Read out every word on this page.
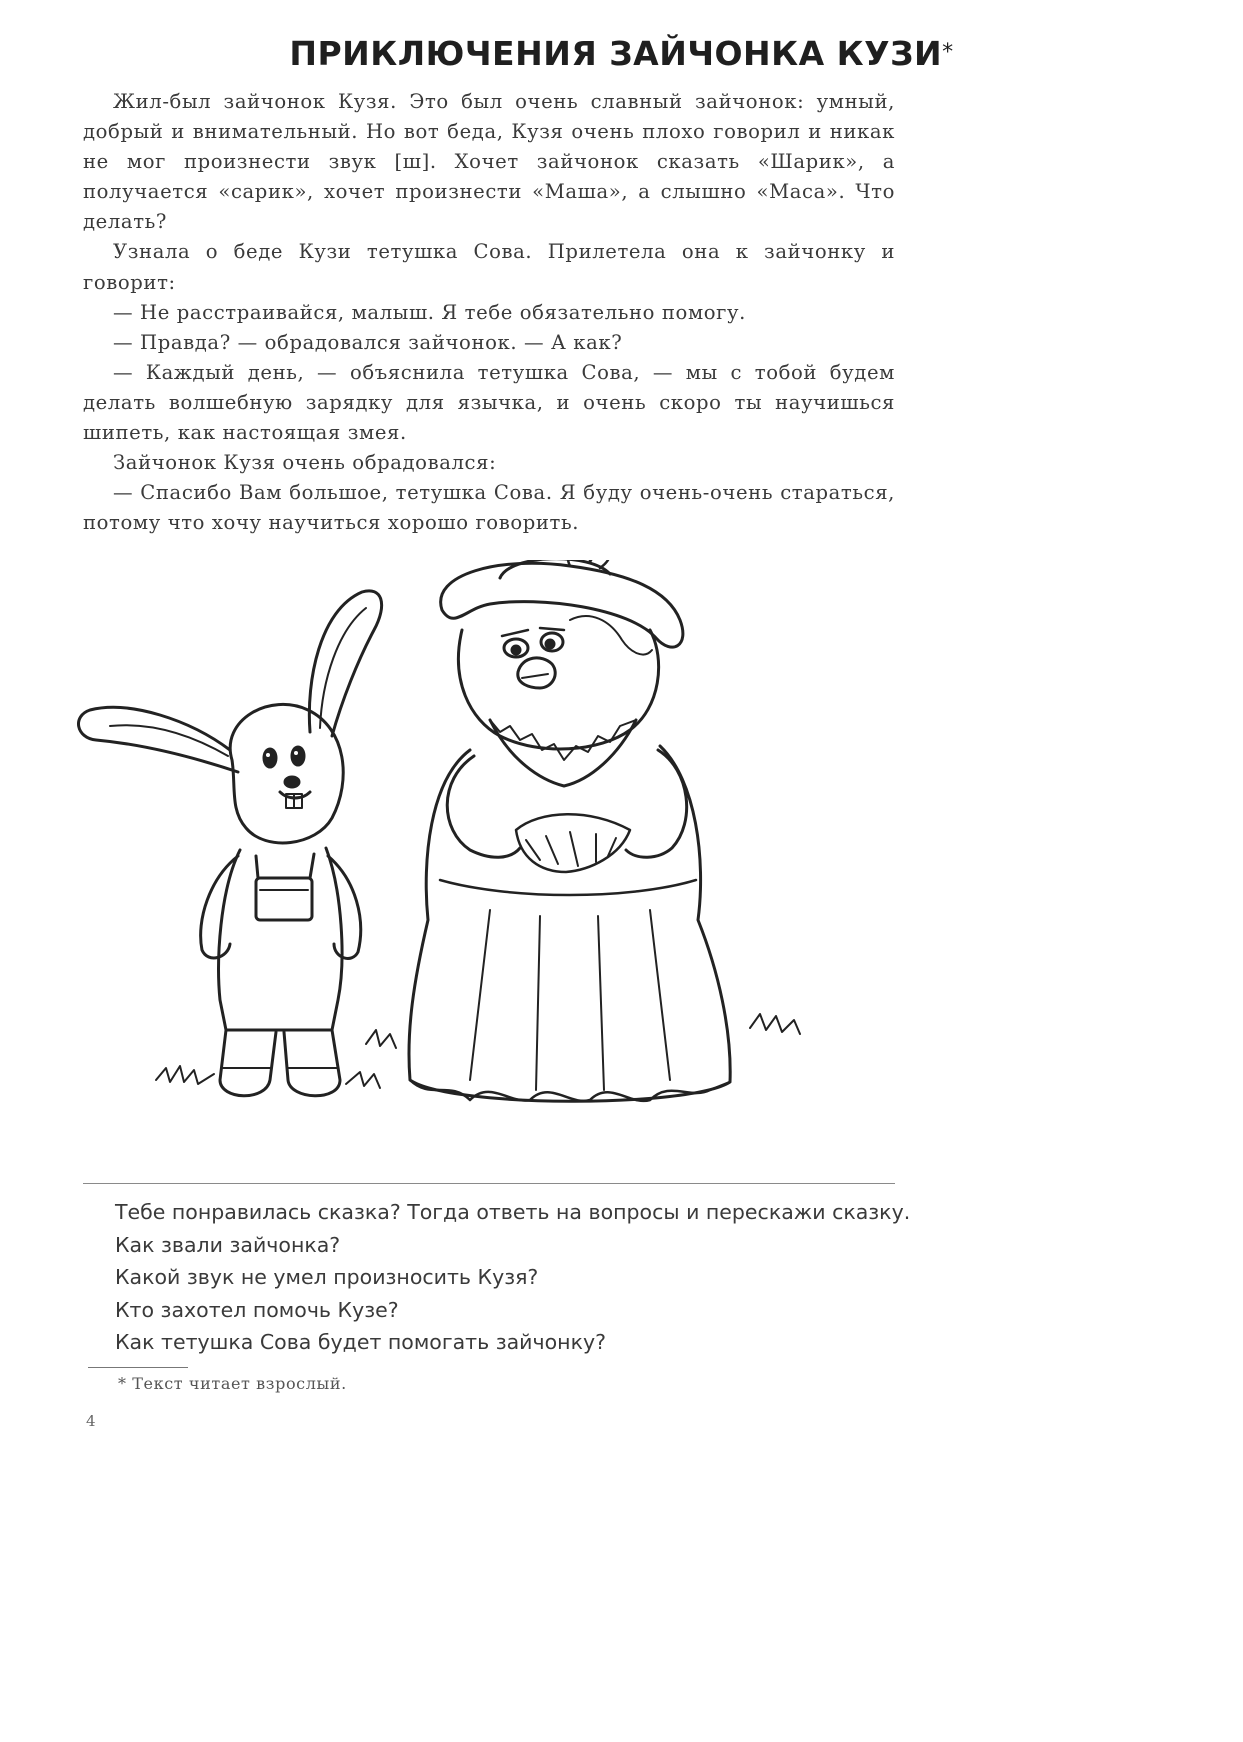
ПРИКЛЮЧЕНИЯ ЗАЙЧОНКА КУЗИ*

Жил-был зайчонок Кузя. Это был очень славный зайчонок: умный, добрый и внимательный. Но вот беда, Кузя очень плохо говорил и никак не мог произнести звук [ш]. Хочет зайчонок сказать «Шарик», а получается «сарик», хочет произнести «Маша», а слышно «Маса». Что делать?

Узнала о беде Кузи тетушка Сова. Прилетела она к зайчонку и говорит:

— Не расстраивайся, малыш. Я тебе обязательно помогу.

— Правда? — обрадовался зайчонок. — А как?

— Каждый день, — объяснила тетушка Сова, — мы с тобой будем делать волшебную зарядку для язычка, и очень скоро ты научишься шипеть, как настоящая змея.

Зайчонок Кузя очень обрадовался:

— Спасибо Вам большое, тетушка Сова. Я буду очень-очень стараться, потому что хочу научиться хорошо говорить.

Тебе понравилась сказка? Тогда ответь на вопросы и перескажи сказку.
Как звали зайчонка?
Какой звук не умел произносить Кузя?
Кто захотел помочь Кузе?
Как тетушка Сова будет помогать зайчонку?
* Текст читает взрослый.
4
